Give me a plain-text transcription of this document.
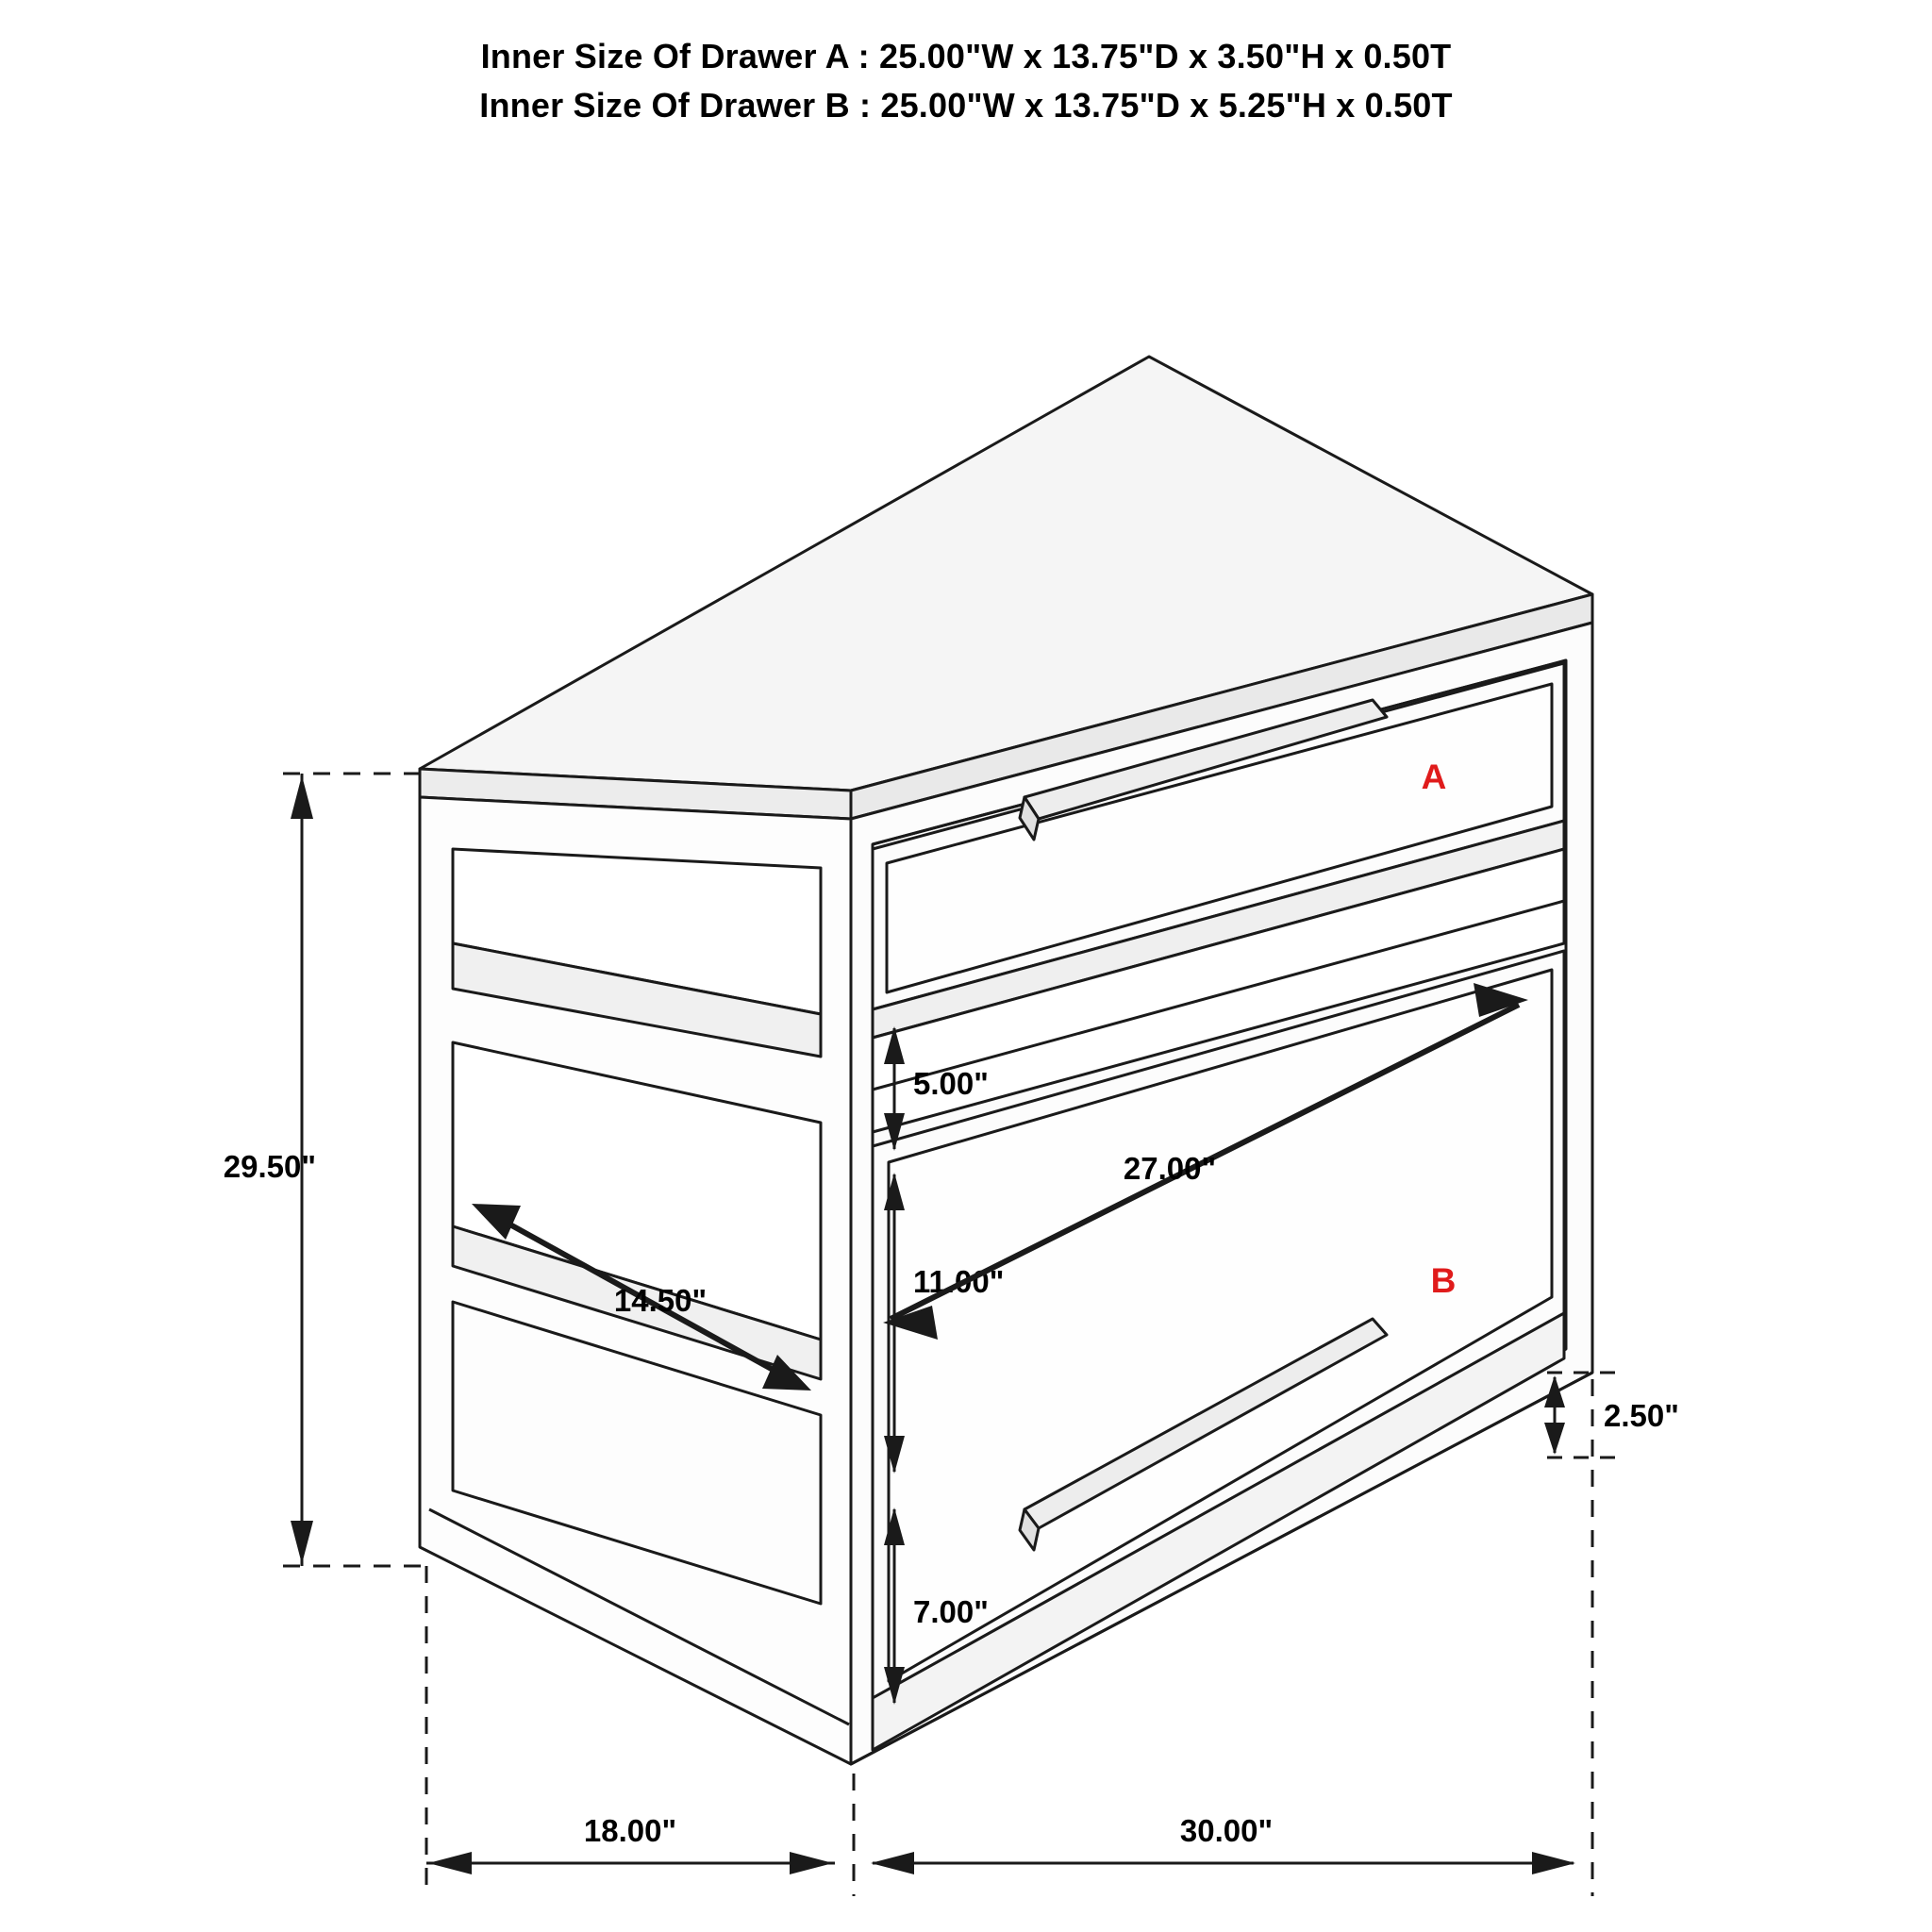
Inner Size Of Drawer A : 25.00"W x 13.75"D x 3.50"H x 0.50T
Inner Size Of Drawer B : 25.00"W x 13.75"D x 5.25"H x 0.50T
A
B
29.50"
18.00"	30.00"
5.00"
11.00"
7.00"
2.50"
14.50"
27.00"
